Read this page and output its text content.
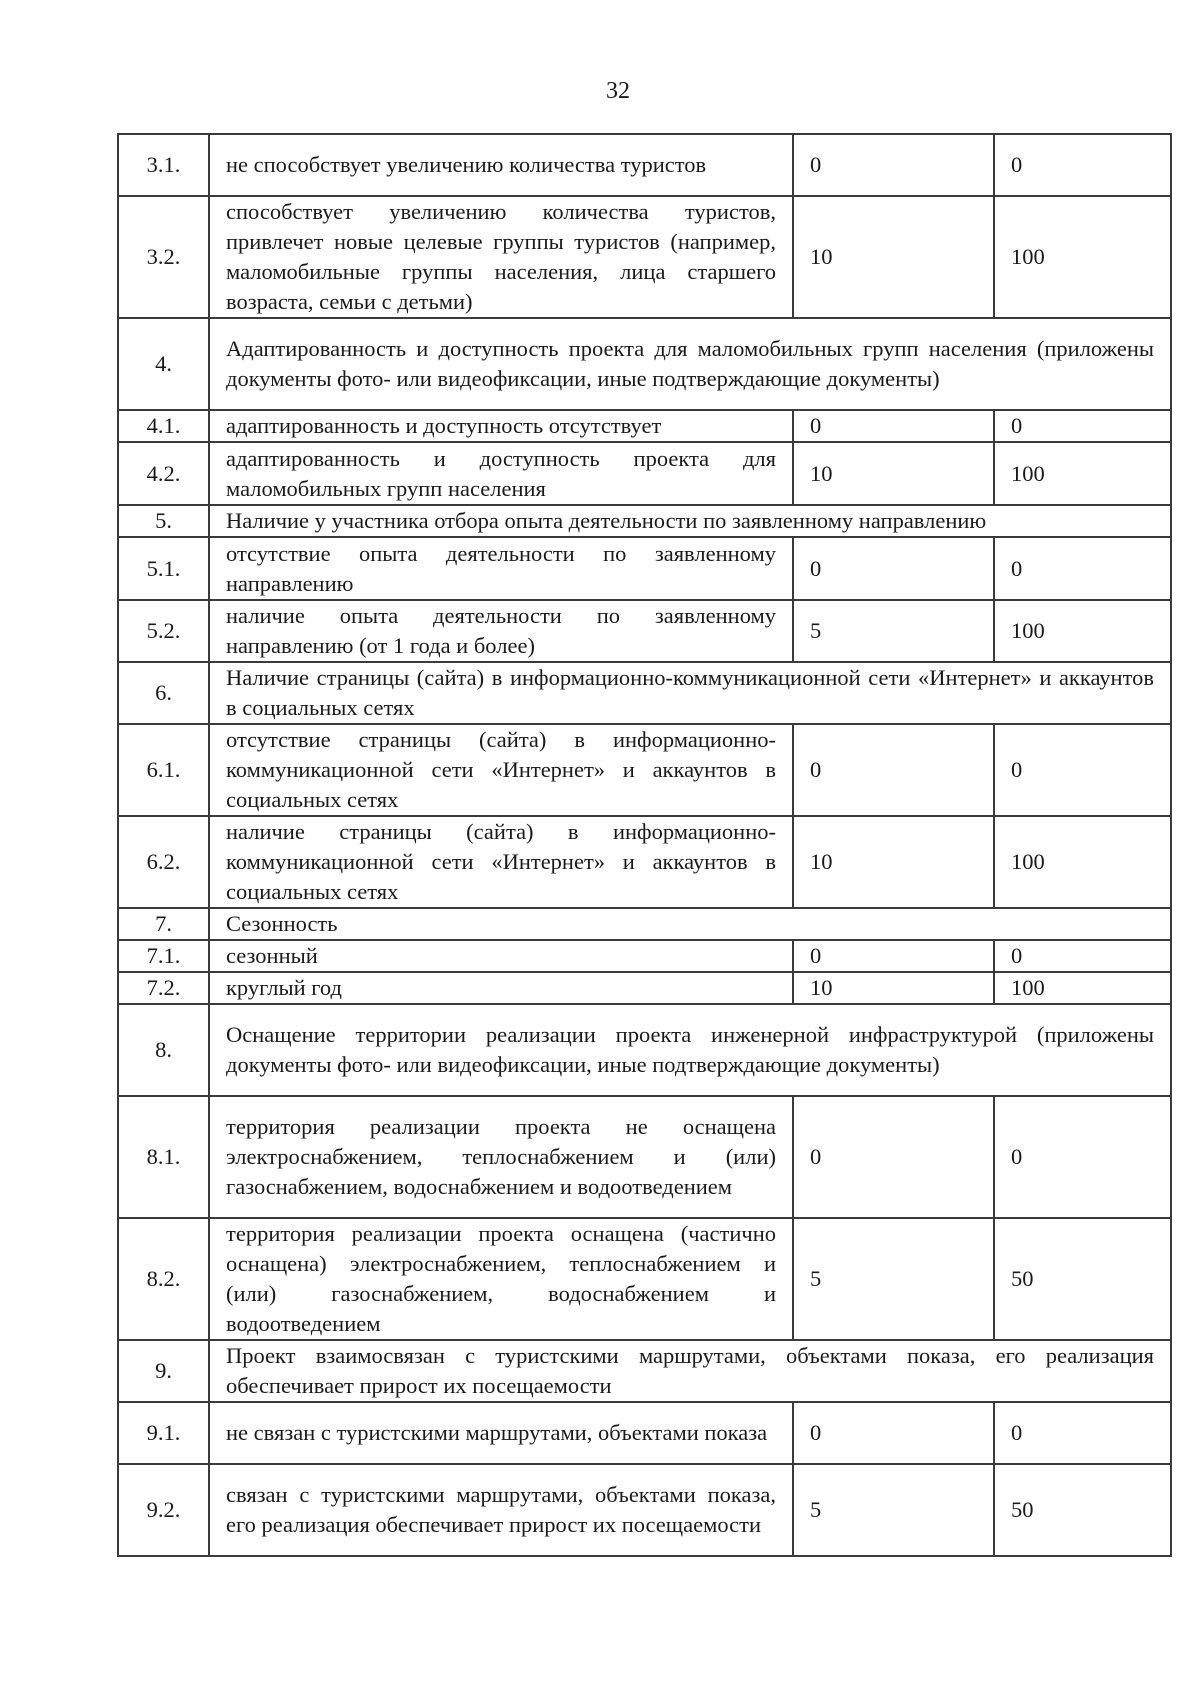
32
3.1.	не способствует увеличению количества туристов	0	0
3.2.	способствует увеличению количества туристов, привлечет новые целевые группы туристов (например, маломобильные группы населения, лица старшего возраста, семьи с детьми)	10	100
4.	Адаптированность и доступность проекта для маломобильных групп населения (приложены документы фото- или видеофиксации, иные подтверждающие документы)		
4.1.	адаптированность и доступность отсутствует	0	0
4.2.	адаптированность и доступность проекта для маломобильных групп населения	10	100
5.	Наличие у участника отбора опыта деятельности по заявленному направлению		
5.1.	отсутствие опыта деятельности по заявленному направлению	0	0
5.2.	наличие опыта деятельности по заявленному направлению (от 1 года и более)	5	100
6.	Наличие страницы (сайта) в информационно-коммуникационной сети «Интернет» и аккаунтов в социальных сетях		
6.1.	отсутствие страницы (сайта) в информационно-коммуникационной сети «Интернет» и аккаунтов в социальных сетях	0	0
6.2.	наличие страницы (сайта) в информационно-коммуникационной сети «Интернет» и аккаунтов в социальных сетях	10	100
7.	Сезонность		
7.1.	сезонный	0	0
7.2.	круглый год	10	100
8.	Оснащение территории реализации проекта инженерной инфраструктурой (приложены документы фото- или видеофиксации, иные подтверждающие документы)		
8.1.	территория реализации проекта не оснащена электроснабжением, теплоснабжением и (или) газоснабжением, водоснабжением и водоотведением	0	0
8.2.	территория реализации проекта оснащена (частично оснащена) электроснабжением, теплоснабжением и (или) газоснабжением, водоснабжением и водоотведением	5	50
9.	Проект взаимосвязан с туристскими маршрутами, объектами показа, его реализация обеспечивает прирост их посещаемости		
9.1.	не связан с туристскими маршрутами, объектами показа	0	0
9.2.	связан с туристскими маршрутами, объектами показа, его реализация обеспечивает прирост их посещаемости	5	50
